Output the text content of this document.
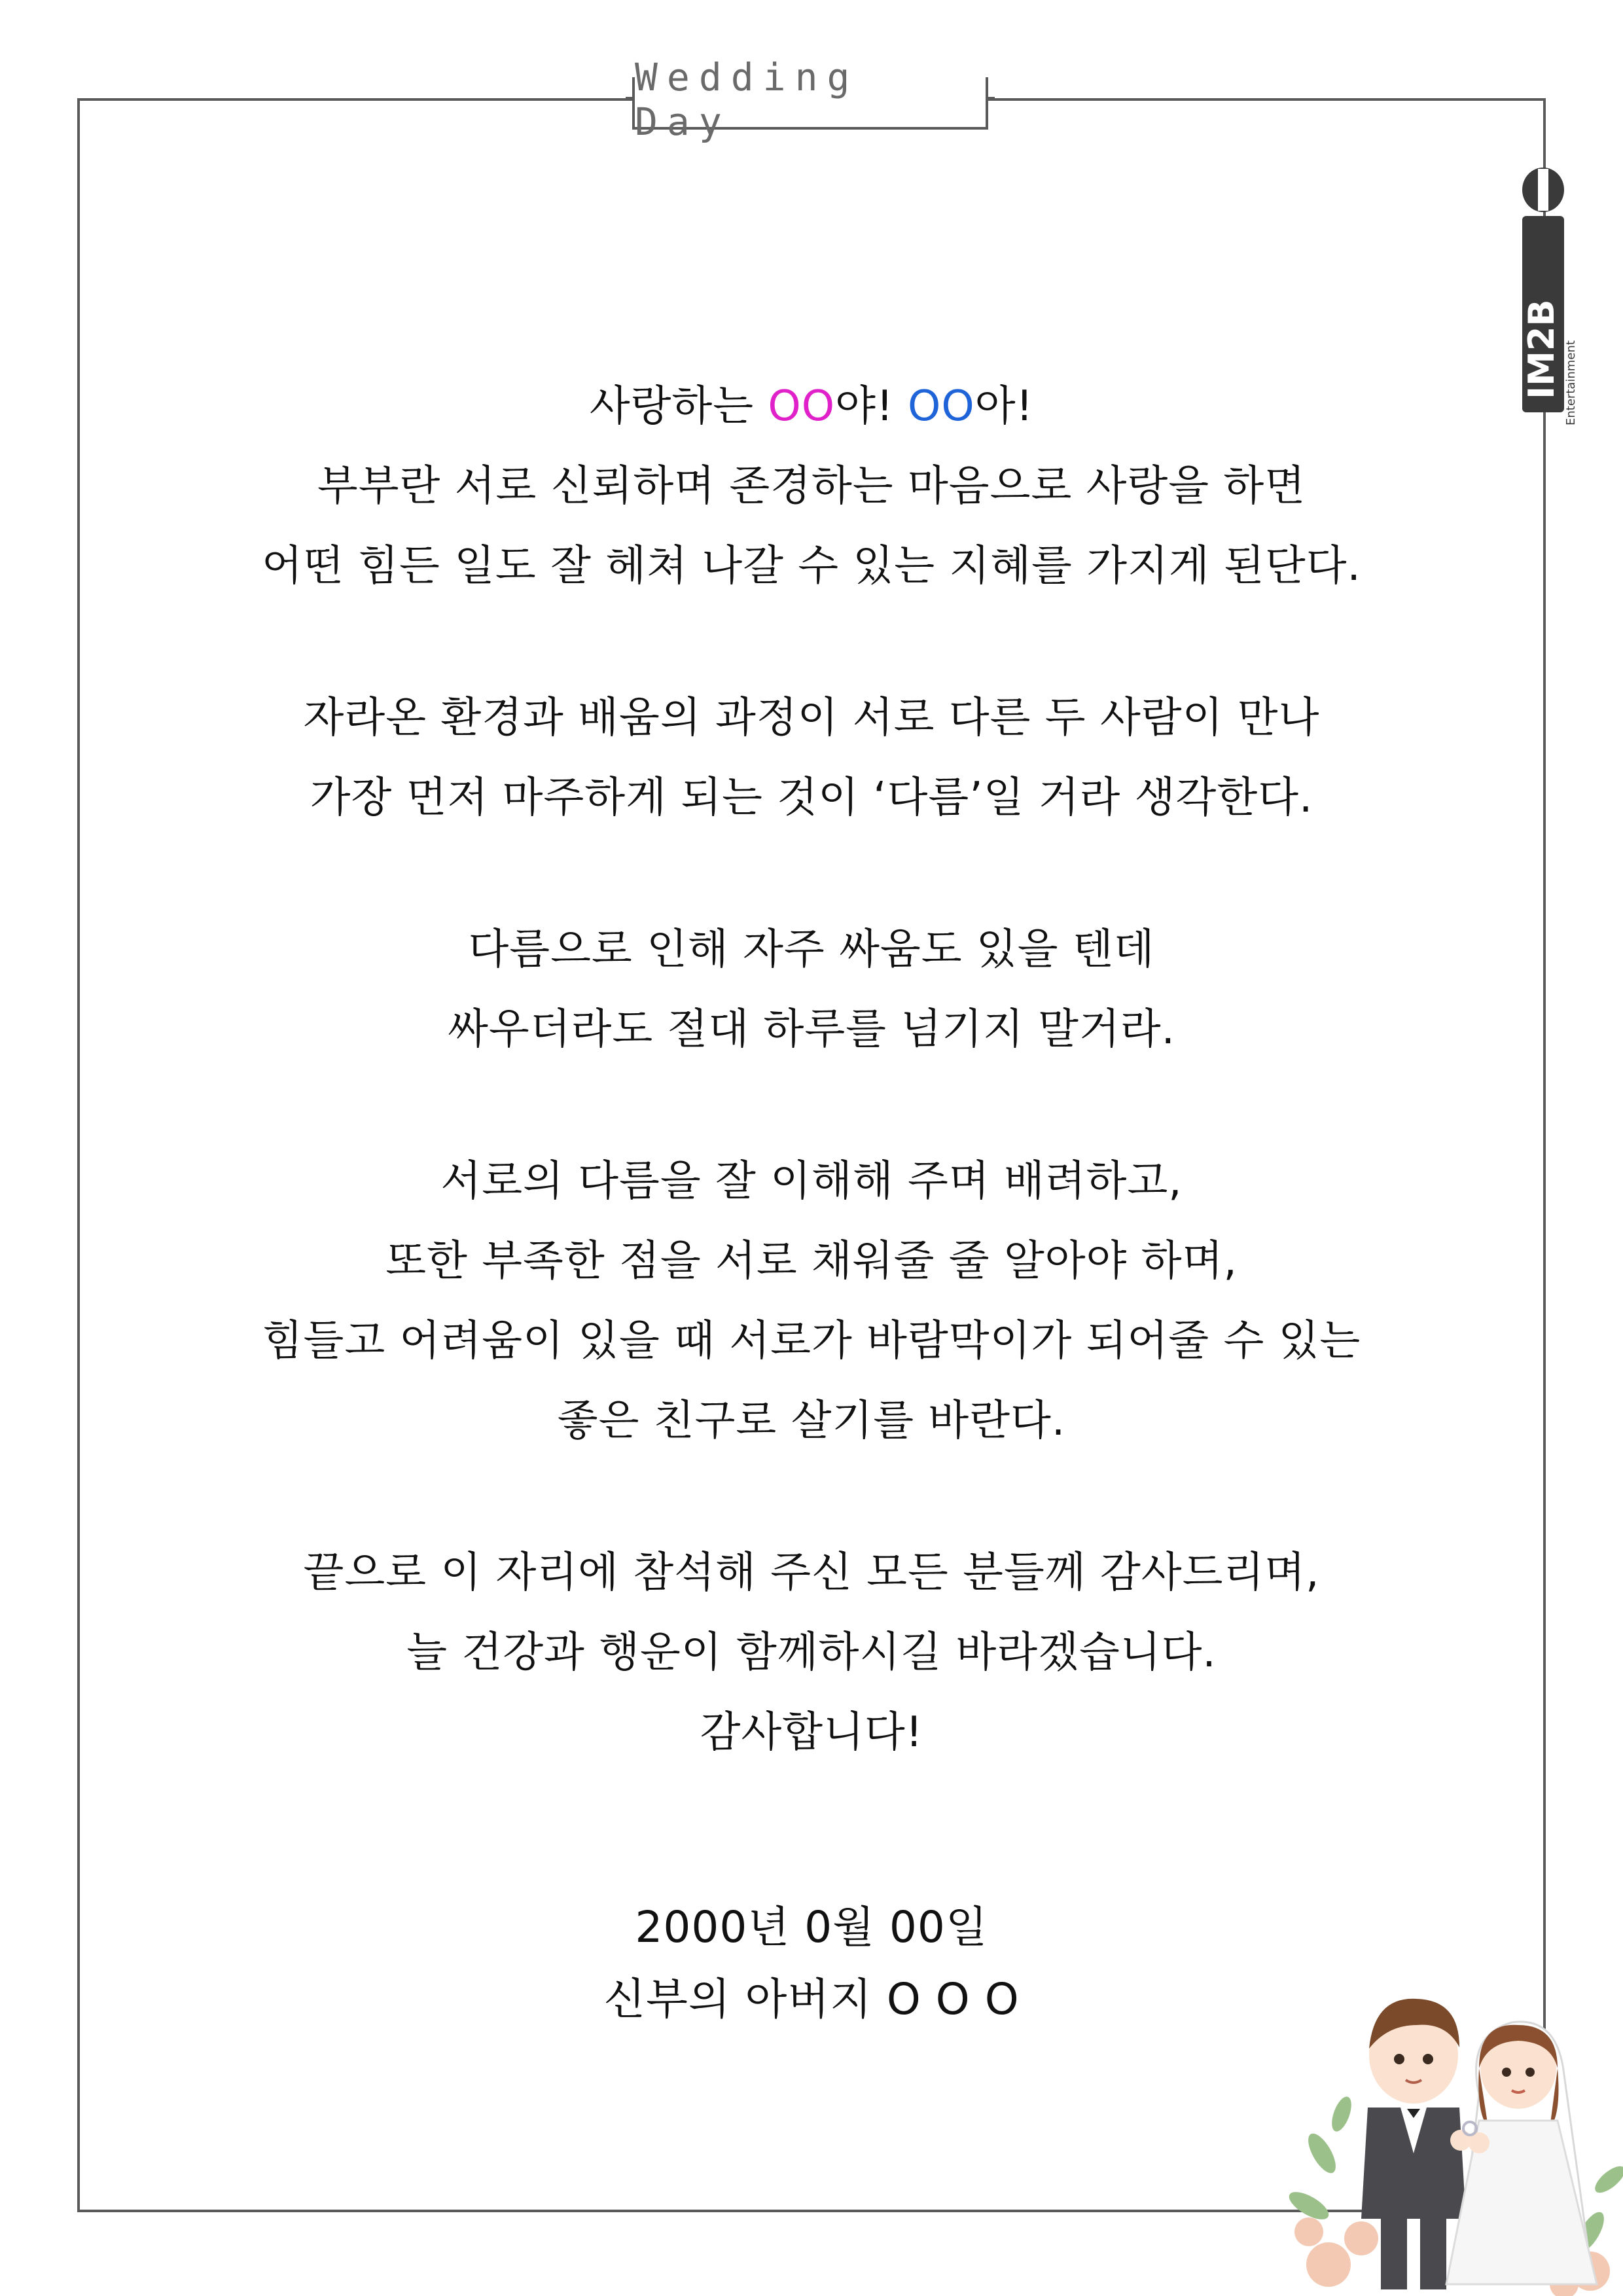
Wedding Day
IM2B Entertainment
사랑하는 OO야! OO아!
부부란 서로 신뢰하며 존경하는 마음으로 사랑을 하면
어떤 힘든 일도 잘 헤쳐 나갈 수 있는 지혜를 가지게 된단다.
자라온 환경과 배움의 과정이 서로 다른 두 사람이 만나
가장 먼저 마주하게 되는 것이 ‘다름’일 거라 생각한다.
다름으로 인해 자주 싸움도 있을 텐데
싸우더라도 절대 하루를 넘기지 말거라.
서로의 다름을 잘 이해해 주며 배려하고,
또한 부족한 점을 서로 채워줄 줄 알아야 하며,
힘들고 어려움이 있을 때 서로가 바람막이가 되어줄 수 있는
좋은 친구로 살기를 바란다.
끝으로 이 자리에 참석해 주신 모든 분들께 감사드리며,
늘 건강과 행운이 함께하시길 바라겠습니다.
감사합니다!
2000년 0월 00일
신부의 아버지 O O O
